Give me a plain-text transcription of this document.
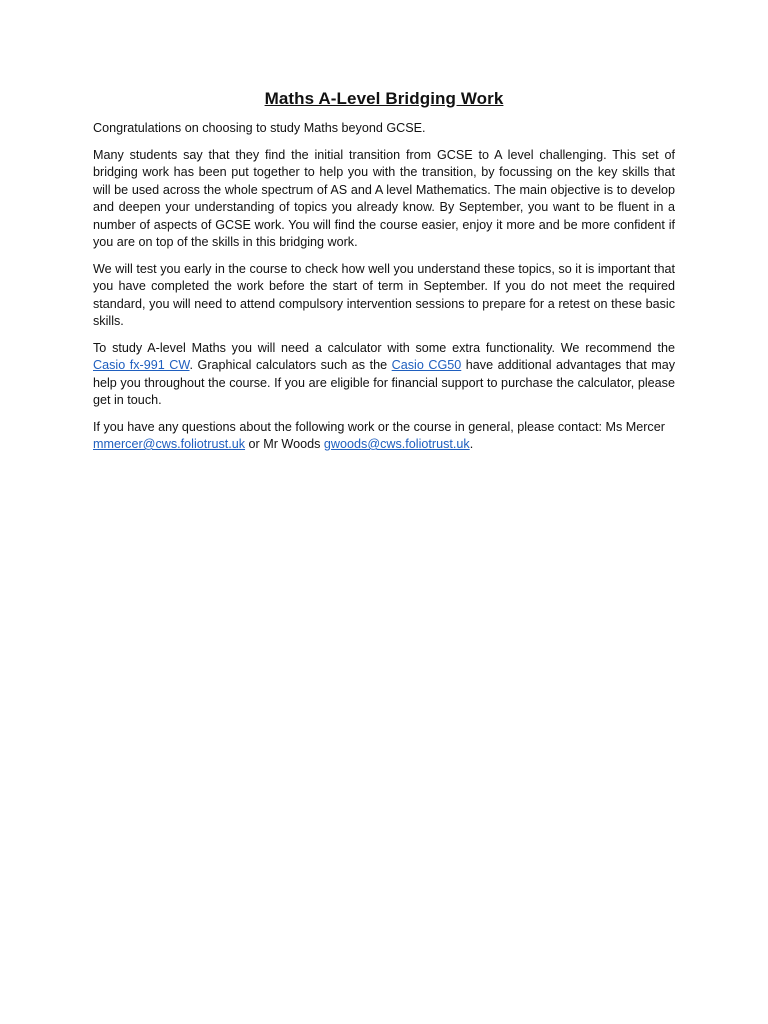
Maths A-Level Bridging Work

Congratulations on choosing to study Maths beyond GCSE.

Many students say that they find the initial transition from GCSE to A level challenging. This set of bridging work has been put together to help you with the transition, by focussing on the key skills that will be used across the whole spectrum of AS and A level Mathematics. The main objective is to develop and deepen your understanding of topics you already know. By September, you want to be fluent in a number of aspects of GCSE work. You will find the course easier, enjoy it more and be more confident if you are on top of the skills in this bridging work.

We will test you early in the course to check how well you understand these topics, so it is important that you have completed the work before the start of term in September. If you do not meet the required standard, you will need to attend compulsory intervention sessions to prepare for a retest on these basic skills.

To study A-level Maths you will need a calculator with some extra functionality. We recommend the Casio fx-991 CW. Graphical calculators such as the Casio CG50 have additional advantages that may help you throughout the course. If you are eligible for financial support to purchase the calculator, please get in touch.

If you have any questions about the following work or the course in general, please contact: Ms Mercer mmercer@cws.foliotrust.uk or Mr Woods gwoods@cws.foliotrust.uk.
